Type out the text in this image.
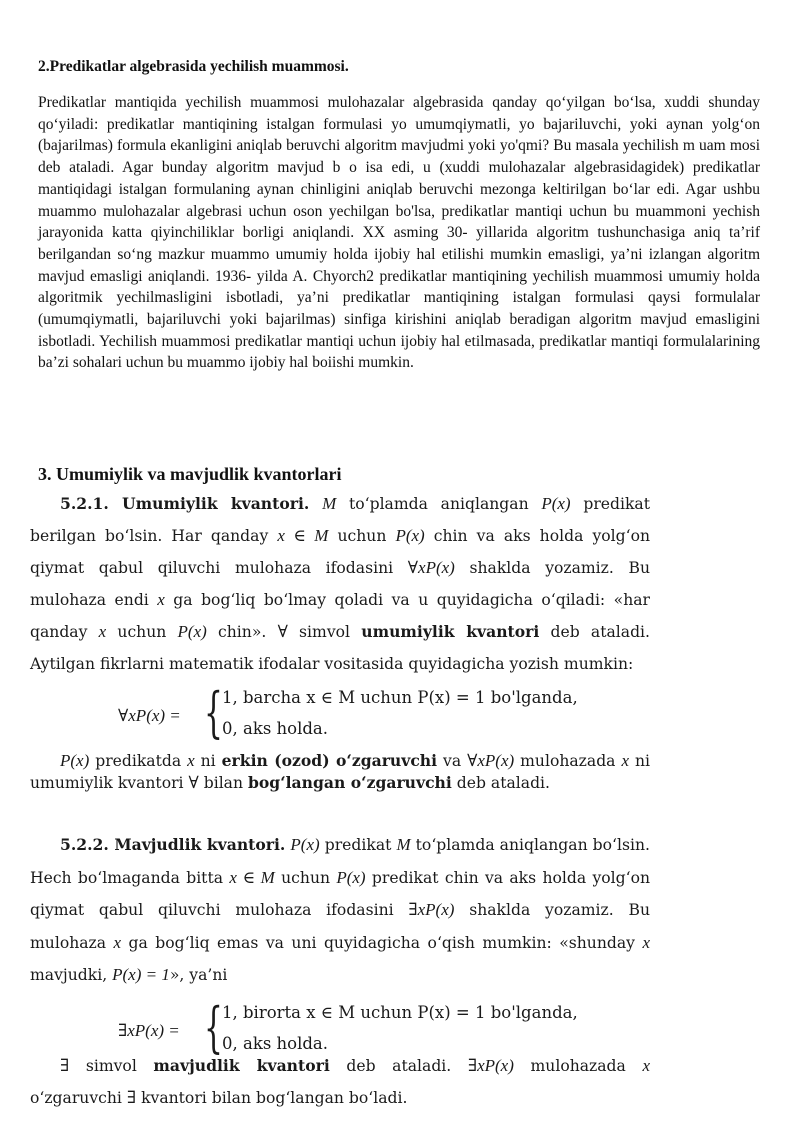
2.Predikatlar algebrasida yechilish muammosi.

Predikatlar mantiqida yechilish muammosi mulohazalar algebrasida qanday qo‘yilgan bo‘lsa, xuddi shunday qo‘yiladi: predikatlar mantiqining istalgan formulasi yo umumqiymatli, yo bajariluvchi, yoki aynan yolg‘on (bajarilmas) formula ekanligini aniqlab beruvchi algoritm mavjudmi yoki yo'qmi? Bu masala yechilish m uam mosi deb ataladi. Agar bunday algoritm mavjud b o isa edi, u (xuddi mulohazalar algebrasidagidek) predikatlar mantiqidagi istalgan formulaning aynan chinligini aniqlab beruvchi mezonga keltirilgan bo‘lar edi. Agar ushbu muammo mulohazalar algebrasi uchun oson yechilgan bo'lsa, predikatlar mantiqi uchun bu muammoni yechish jarayonida katta qiyinchiliklar borligi aniqlandi. XX asming 30- yillarida algoritm tushunchasiga aniq ta’rif berilgandan so‘ng mazkur muammo umumiy holda ijobiy hal etilishi mumkin emasligi, ya’ni izlangan algoritm mavjud emasligi aniqlandi. 1936- yilda A. Chyorch2 predikatlar mantiqining yechilish muammosi umumiy holda algoritmik yechilmasligini isbotladi, ya’ni predikatlar mantiqining istalgan formulasi qaysi formulalar (umumqiymatli, bajariluvchi yoki bajarilmas) sinfiga kirishini aniqlab beradigan algoritm mavjud emasligini isbotladi. Yechilish muammosi predikatlar mantiqi uchun ijobiy hal etilmasada, predikatlar mantiqi formulalarining ba’zi sohalari uchun bu muammo ijobiy hal boiishi mumkin.

3. Umumiylik va mavjudlik kvantorlari

5.2.1. Umumiylik kvantori. M to‘plamda aniqlangan P(x) predikat berilgan bo‘lsin. Har qanday x ∈ M uchun P(x) chin va aks holda yolg‘on qiymat qabul qiluvchi mulohaza ifodasini ∀xP(x) shaklda yozamiz. Bu mulohaza endi x ga bog‘liq bo‘lmay qoladi va u quyidagicha o‘qiladi: «har qanday x uchun P(x) chin». ∀ simvol umumiylik kvantori deb ataladi. Aytilgan fikrlarni matematik ifodalar vositasida quyidagicha yozish mumkin:

∀xP(x) = { 1, barcha x ∈ M uchun P(x) = 1 bo'lganda,
0, aks holda.

P(x) predikatda x ni erkin (ozod) o‘zgaruvchi va ∀xP(x) mulohazada x ni umumiylik kvantori ∀ bilan bog‘langan o‘zgaruvchi deb ataladi.

5.2.2. Mavjudlik kvantori. P(x) predikat M to‘plamda aniqlangan bo‘lsin. Hech bo‘lmaganda bitta x ∈ M uchun P(x) predikat chin va aks holda yolg‘on qiymat qabul qiluvchi mulohaza ifodasini ∃xP(x) shaklda yozamiz. Bu mulohaza x ga bog‘liq emas va uni quyidagicha o‘qish mumkin: «shunday x mavjudki, P(x) = 1», ya’ni

∃xP(x) = { 1, birorta x ∈ M uchun P(x) = 1 bo'lganda,
0, aks holda.

∃ simvol mavjudlik kvantori deb ataladi. ∃xP(x) mulohazada x o‘zgaruvchi ∃ kvantori bilan bog‘langan bo‘ladi.
